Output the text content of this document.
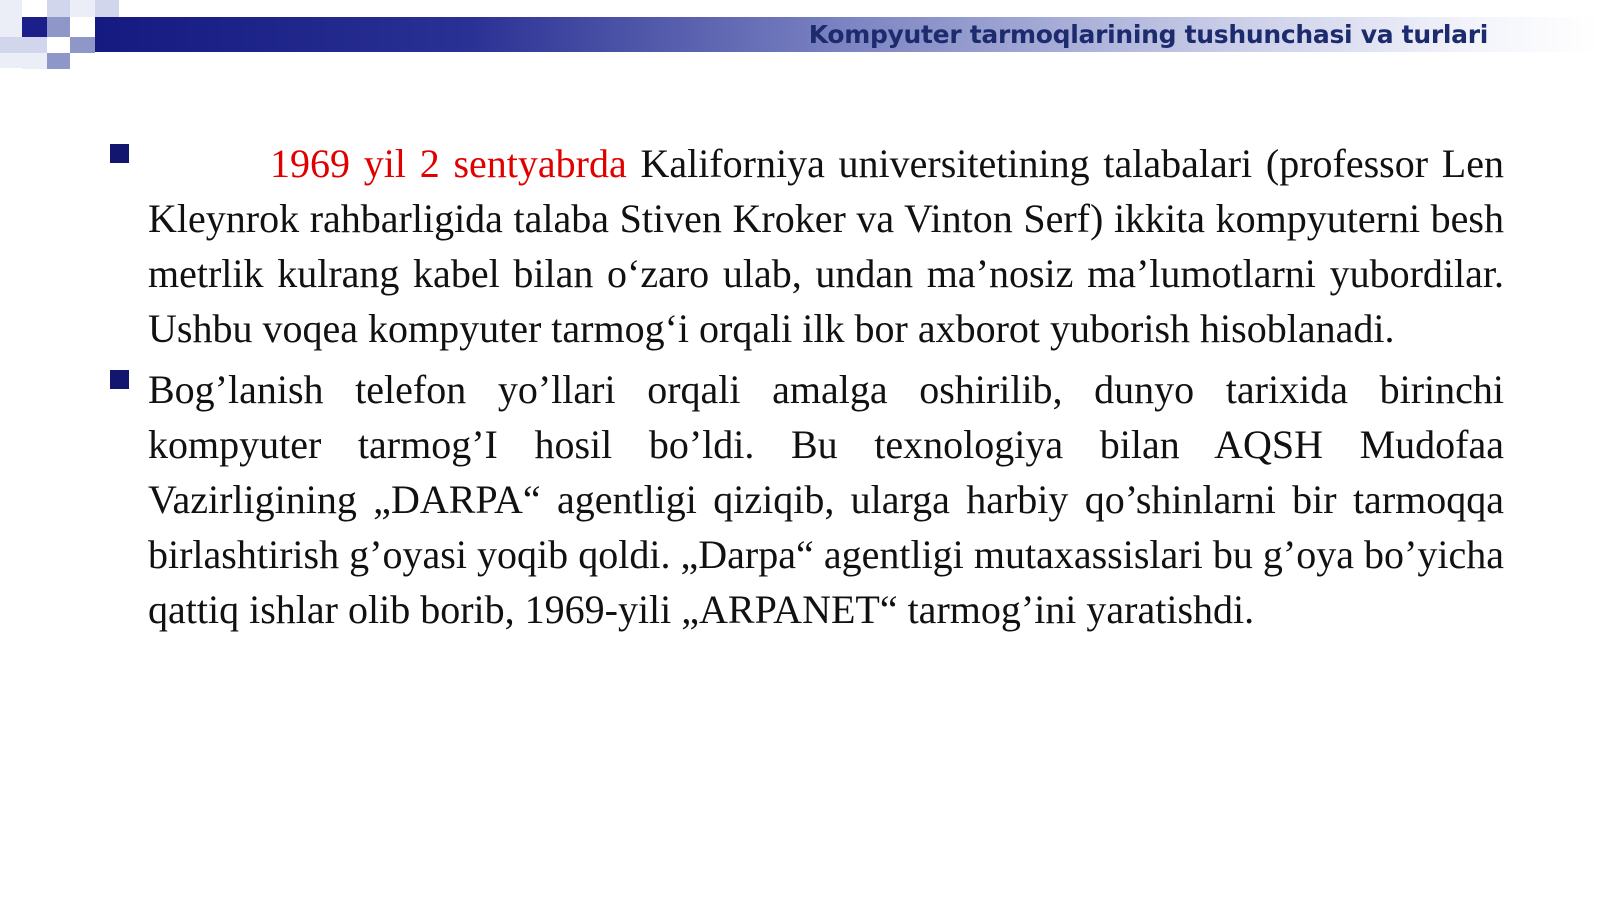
Kompyuter tarmoqlarining tushunchasi va turlari

1969 yil 2 sentyabrda Kaliforniya universitetining talabalari (professor Len Kleynrok rahbarligida talaba Stiven Kroker va Vinton Serf) ikkita kompyuterni besh metrlik kulrang kabel bilan o‘zaro ulab, undan ma’nosiz ma’lumotlarni yubordilar. Ushbu voqea kompyuter tarmog‘i orqali ilk bor axborot yuborish hisoblanadi.

Bog’lanish telefon yo’llari orqali amalga oshirilib, dunyo tarixida birinchi kompyuter tarmog’I hosil bo’ldi. Bu texnologiya bilan AQSH Mudofaa Vazirligining „DARPA“ agentligi qiziqib, ularga harbiy qo’shinlarni bir tarmoqqa birlashtirish g’oyasi yoqib qoldi. „Darpa“ agentligi mutaxassislari bu g’oya bo’yicha qattiq ishlar olib borib, 1969-yili „ARPANET“ tarmog’ini yaratishdi.
